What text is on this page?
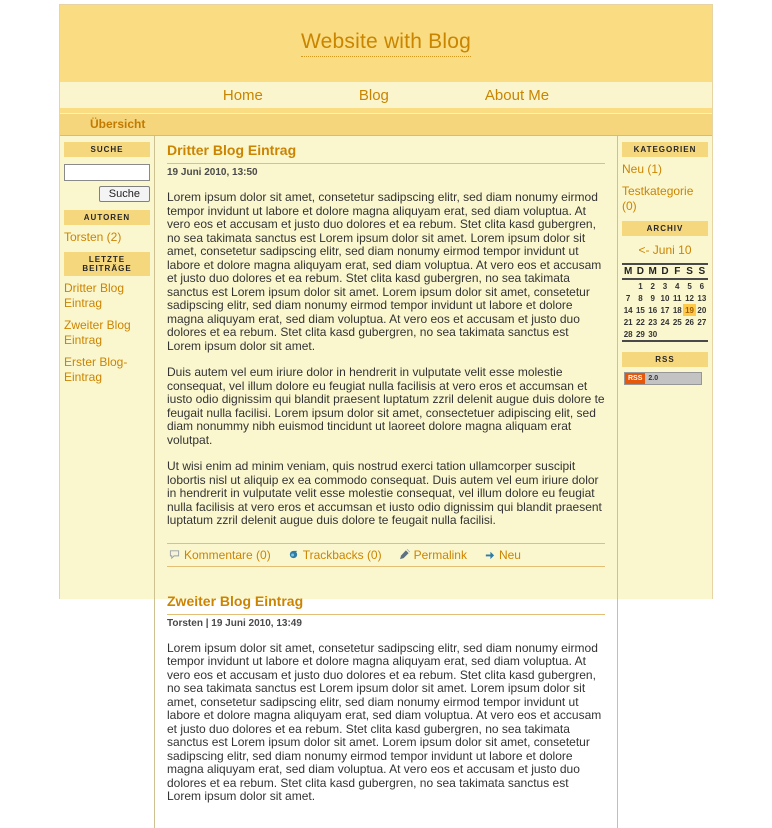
Website with Blog
Home	Blog	About Me
Übersicht
SUCHE
Suche
AUTOREN
Torsten (2)
LETZTE BEITRÄGE
Dritter Blog Eintrag
Zweiter Blog Eintrag
Erster Blog-Eintrag
Dritter Blog Eintrag
19 Juni 2010, 13:50

Lorem ipsum dolor sit amet, consetetur sadipscing elitr, sed diam nonumy eirmod tempor invidunt ut labore et dolore magna aliquyam erat, sed diam voluptua. At vero eos et accusam et justo duo dolores et ea rebum. Stet clita kasd gubergren, no sea takimata sanctus est Lorem ipsum dolor sit amet. Lorem ipsum dolor sit amet, consetetur sadipscing elitr, sed diam nonumy eirmod tempor invidunt ut labore et dolore magna aliquyam erat, sed diam voluptua. At vero eos et accusam et justo duo dolores et ea rebum. Stet clita kasd gubergren, no sea takimata sanctus est Lorem ipsum dolor sit amet. Lorem ipsum dolor sit amet, consetetur sadipscing elitr, sed diam nonumy eirmod tempor invidunt ut labore et dolore magna aliquyam erat, sed diam voluptua. At vero eos et accusam et justo duo dolores et ea rebum. Stet clita kasd gubergren, no sea takimata sanctus est Lorem ipsum dolor sit amet.

Duis autem vel eum iriure dolor in hendrerit in vulputate velit esse molestie consequat, vel illum dolore eu feugiat nulla facilisis at vero eros et accumsan et iusto odio dignissim qui blandit praesent luptatum zzril delenit augue duis dolore te feugait nulla facilisi. Lorem ipsum dolor sit amet, consectetuer adipiscing elit, sed diam nonummy nibh euismod tincidunt ut laoreet dolore magna aliquam erat volutpat.

Ut wisi enim ad minim veniam, quis nostrud exerci tation ullamcorper suscipit lobortis nisl ut aliquip ex ea commodo consequat. Duis autem vel eum iriure dolor in hendrerit in vulputate velit esse molestie consequat, vel illum dolore eu feugiat nulla facilisis at vero eros et accumsan et iusto odio dignissim qui blandit praesent luptatum zzril delenit augue duis dolore te feugait nulla facilisi.

Kommentare (0)	Trackbacks (0)	Permalink	Neu
Zweiter Blog Eintrag
Torsten | 19 Juni 2010, 13:49

Lorem ipsum dolor sit amet, consetetur sadipscing elitr, sed diam nonumy eirmod tempor invidunt ut labore et dolore magna aliquyam erat, sed diam voluptua. At vero eos et accusam et justo duo dolores et ea rebum. Stet clita kasd gubergren, no sea takimata sanctus est Lorem ipsum dolor sit amet. Lorem ipsum dolor sit amet, consetetur sadipscing elitr, sed diam nonumy eirmod tempor invidunt ut labore et dolore magna aliquyam erat, sed diam voluptua. At vero eos et accusam et justo duo dolores et ea rebum. Stet clita kasd gubergren, no sea takimata sanctus est Lorem ipsum dolor sit amet. Lorem ipsum dolor sit amet, consetetur sadipscing elitr, sed diam nonumy eirmod tempor invidunt ut labore et dolore magna aliquyam erat, sed diam voluptua. At vero eos et accusam et justo duo dolores et ea rebum. Stet clita kasd gubergren, no sea takimata sanctus est Lorem ipsum dolor sit amet.

KATEGORIEN
Neu (1)
Testkategorie (0)
ARCHIV
<- Juni 10
M	D	M	D	F	S	S
	1	2	3	4	5	6
7	8	9	10	11	12	13
14	15	16	17	18	19	20
21	22	23	24	25	26	27
28	29	30				
RSS
RSS 2.0
